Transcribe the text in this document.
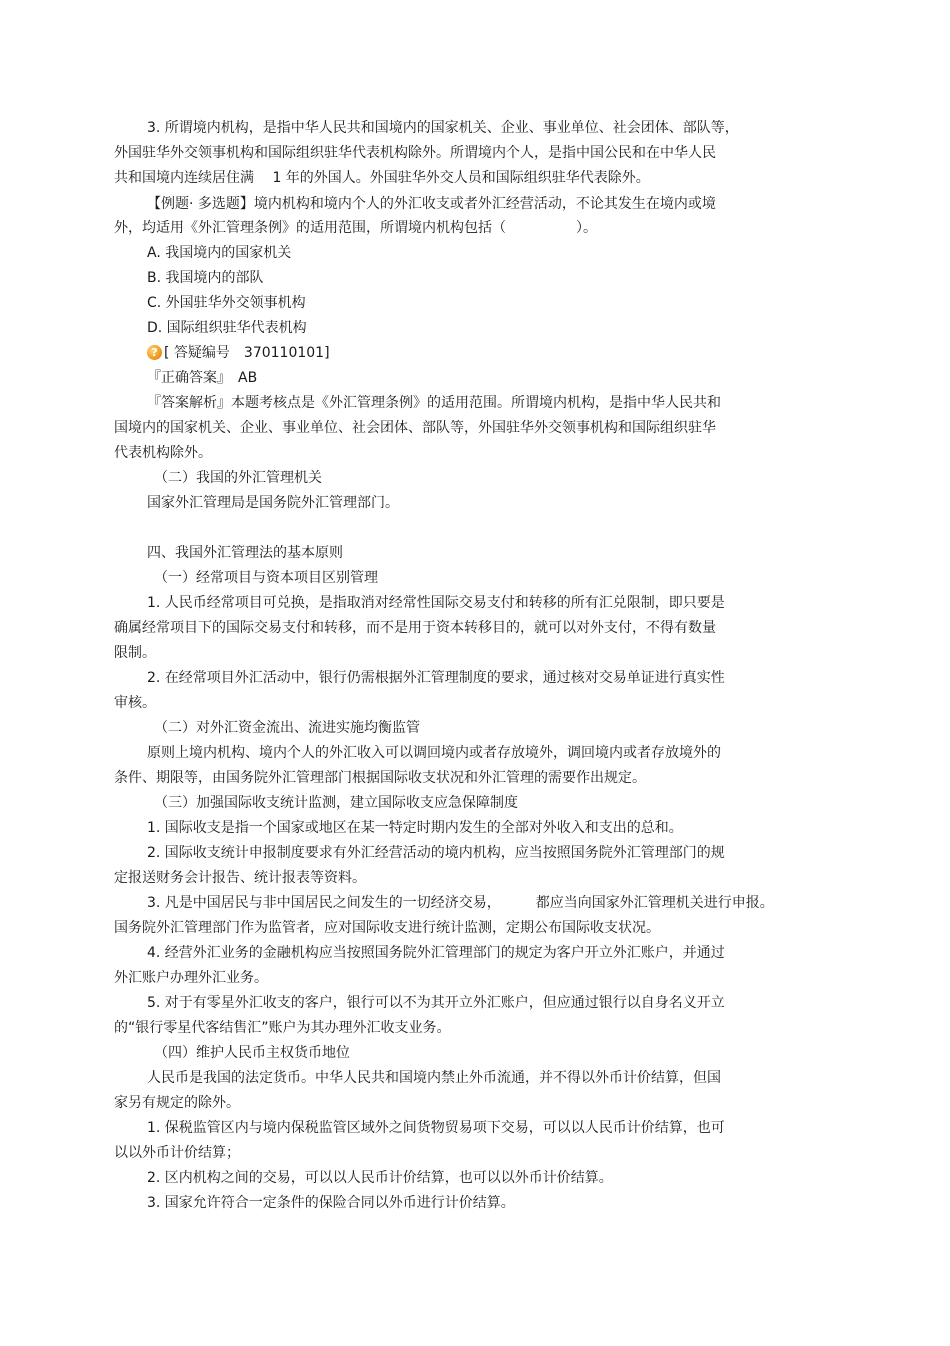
3. 所谓境内机构，是指中华人民共和国境内的国家机关、企业、事业单位、社会团体、部队等，
外国驻华外交领事机构和国际组织驻华代表机构除外。所谓境内个人，是指中国公民和在中华人民
共和国境内连续居住满　 1 年的外国人。外国驻华外交人员和国际组织驻华代表除外。
【例题· 多选题】境内机构和境内个人的外汇收支或者外汇经营活动，不论其发生在境内或境
外，均适用《外汇管理条例》的适用范围，所谓境内机构包括（　　　　　）。
A. 我国境内的国家机关
B. 我国境内的部队
C. 外国驻华外交领事机构
D. 国际组织驻华代表机构
? [ 答疑编号　370110101]
『正确答案』　AB
『答案解析』本题考核点是《外汇管理条例》的适用范围。所谓境内机构，是指中华人民共和
国境内的国家机关、企业、事业单位、社会团体、部队等，外国驻华外交领事机构和国际组织驻华
代表机构除外。
（二）我国的外汇管理机关
国家外汇管理局是国务院外汇管理部门。
四、我国外汇管理法的基本原则
（一）经常项目与资本项目区别管理
1. 人民币经常项目可兑换，是指取消对经常性国际交易支付和转移的所有汇兑限制，即只要是
确属经常项目下的国际交易支付和转移，而不是用于资本转移目的，就可以对外支付，不得有数量
限制。
2. 在经常项目外汇活动中，银行仍需根据外汇管理制度的要求，通过核对交易单证进行真实性
审核。
（二）对外汇资金流出、流进实施均衡监管
原则上境内机构、境内个人的外汇收入可以调回境内或者存放境外，调回境内或者存放境外的
条件、期限等，由国务院外汇管理部门根据国际收支状况和外汇管理的需要作出规定。
（三）加强国际收支统计监测，建立国际收支应急保障制度
1. 国际收支是指一个国家或地区在某一特定时期内发生的全部对外收入和支出的总和。
2. 国际收支统计申报制度要求有外汇经营活动的境内机构，应当按照国务院外汇管理部门的规
定报送财务会计报告、统计报表等资料。
3. 凡是中国居民与非中国居民之间发生的一切经济交易，　　　都应当向国家外汇管理机关进行申报。
国务院外汇管理部门作为监管者，应对国际收支进行统计监测，定期公布国际收支状况。
4. 经营外汇业务的金融机构应当按照国务院外汇管理部门的规定为客户开立外汇账户，并通过
外汇账户办理外汇业务。
5. 对于有零星外汇收支的客户，银行可以不为其开立外汇账户，但应通过银行以自身名义开立
的“银行零星代客结售汇”账户为其办理外汇收支业务。
（四）维护人民币主权货币地位
人民币是我国的法定货币。中华人民共和国境内禁止外币流通，并不得以外币计价结算，但国
家另有规定的除外。
1. 保税监管区内与境内保税监管区域外之间货物贸易项下交易，可以以人民币计价结算，也可
以以外币计价结算；
2. 区内机构之间的交易，可以以人民币计价结算，也可以以外币计价结算。
3. 国家允许符合一定条件的保险合同以外币进行计价结算。
